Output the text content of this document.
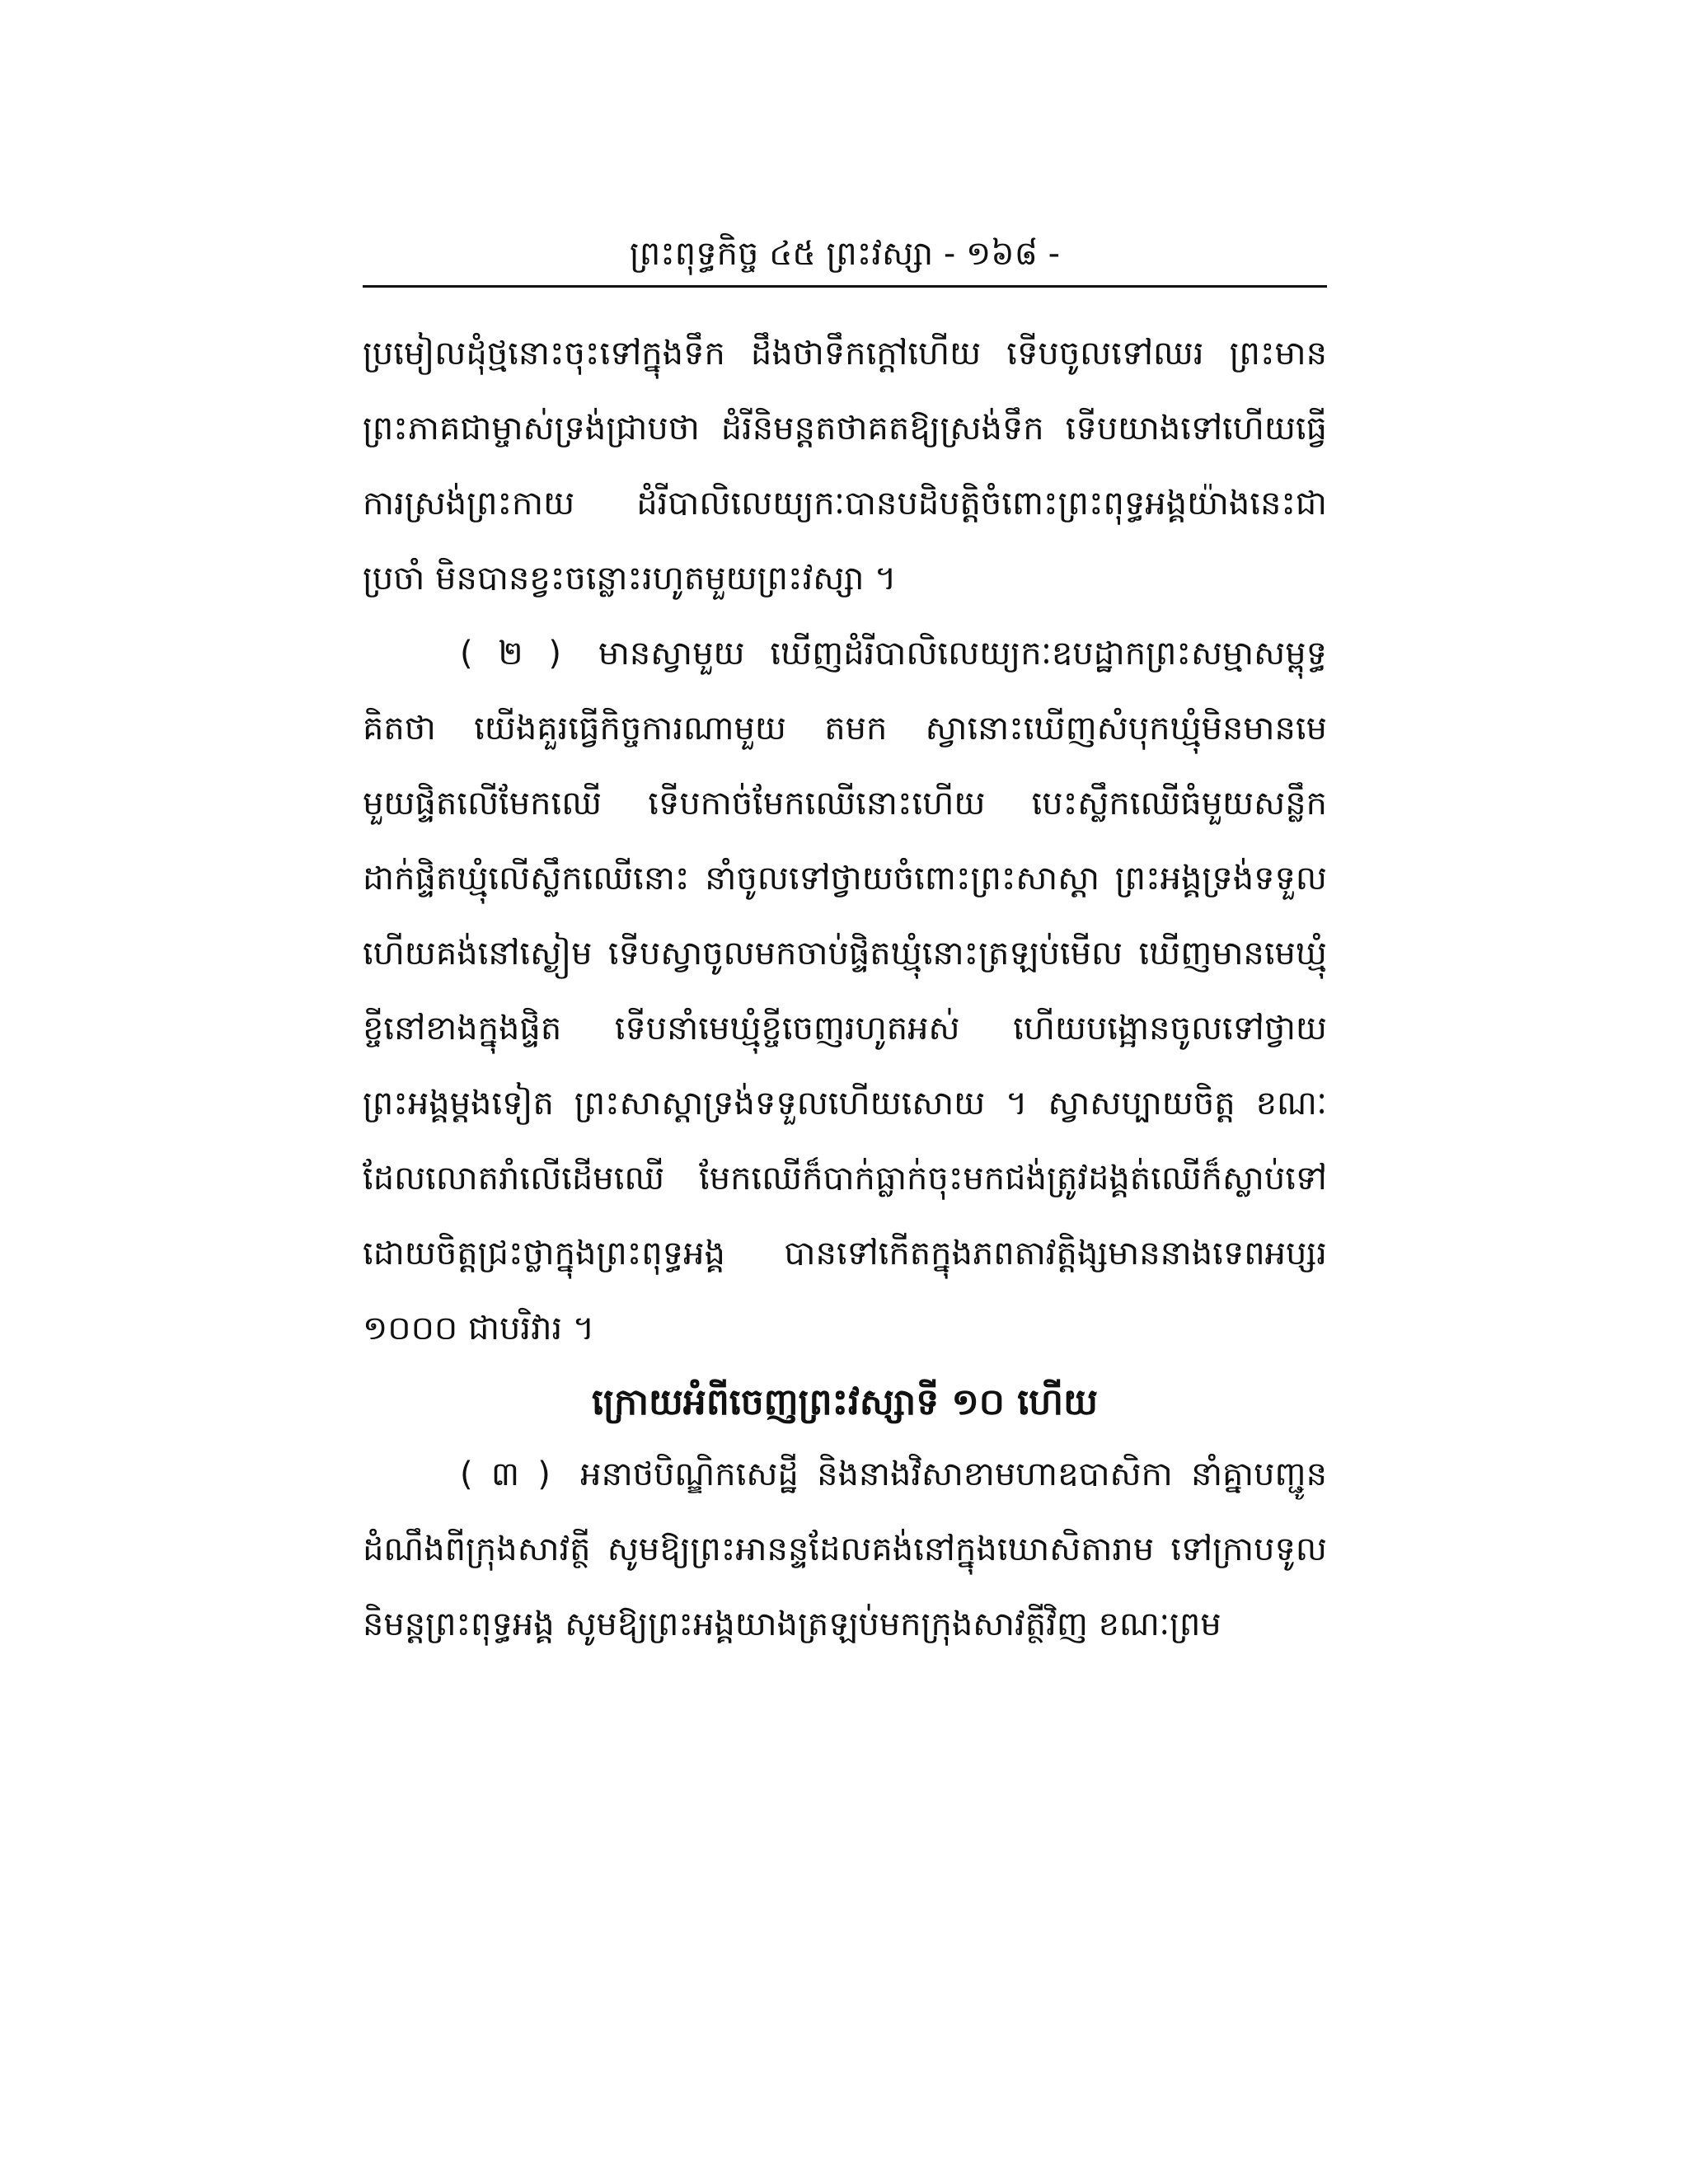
ព្រះពុទ្ធកិច្ច ៤៥ ព្រះវស្សា - ១៦៨ -

ប្រមៀលដុំថ្មនោះចុះទៅក្នុងទឹក ដឹងថាទឹកក្តៅហើយ ទើបចូលទៅឈរ ព្រះមានព្រះភាគជាម្ចាស់ទ្រង់ជ្រាបថា ដំរីនិមន្តតថាគតឱ្យស្រង់ទឹក ទើបយាងទៅហើយធ្វើការស្រង់ព្រះកាយ ដំរីបាលិលេយ្យកៈបានបដិបត្តិចំពោះព្រះពុទ្ធអង្គយ៉ាងនេះជាប្រចាំ មិនបានខ្វះចន្លោះរហូតមួយព្រះវស្សា ។

( ២ ) មានស្វាមួយ ឃើញដំរីបាលិលេយ្យកៈឧបដ្ឋាកព្រះសម្មាសម្ពុទ្ធ គិតថា យើងគួរធ្វើកិច្ចការណាមួយ តមក ស្វានោះឃើញសំបុកឃ្មុំមិនមានមេមួយផ្ទិតលើមែកឈើ ទើបកាច់មែកឈើនោះហើយ បេះស្លឹកឈើធំមួយសន្លឹកដាក់ផ្ទិតឃ្មុំលើស្លឹកឈើនោះ នាំចូលទៅថ្វាយចំពោះព្រះសាស្តា ព្រះអង្គទ្រង់ទទួលហើយគង់នៅស្ងៀម ទើបស្វាចូលមកចាប់ផ្ទិតឃ្មុំនោះត្រឡប់មើល ឃើញមានមេឃ្មុំខ្ចីនៅខាងក្នុងផ្ទិត ទើបនាំមេឃ្មុំខ្ចីចេញរហូតអស់ ហើយបង្អោនចូលទៅថ្វាយព្រះអង្គម្តងទៀត ព្រះសាស្តាទ្រង់ទទួលហើយសោយ ។ ស្វាសប្បាយចិត្ត ខណៈដែលលោតរាំលើដើមឈើ មែកឈើក៏បាក់ធ្លាក់ចុះមកជង់ត្រូវដង្គត់ឈើក៏ស្លាប់ទៅ ដោយចិត្តជ្រះថ្លាក្នុងព្រះពុទ្ធអង្គ បានទៅកើតក្នុងភពតាវត្តិង្សមាននាងទេពអប្សរ ១០០០ ជាបរិវារ ។

ក្រោយអំពីចេញព្រះវស្សាទី ១០ ហើយ

( ៣ ) អនាថបិណ្ឌិកសេដ្ឋី និងនាងវិសាខាមហាឧបាសិកា នាំគ្នាបញ្ជូនដំណឹងពីក្រុងសាវត្ថី សូមឱ្យព្រះអានន្ទដែលគង់នៅក្នុងឃោសិតារាម ទៅក្រាបទូលនិមន្តព្រះពុទ្ធអង្គ សូមឱ្យព្រះអង្គយាងត្រឡប់មកក្រុងសាវត្ថីវិញ ខណៈព្រម
